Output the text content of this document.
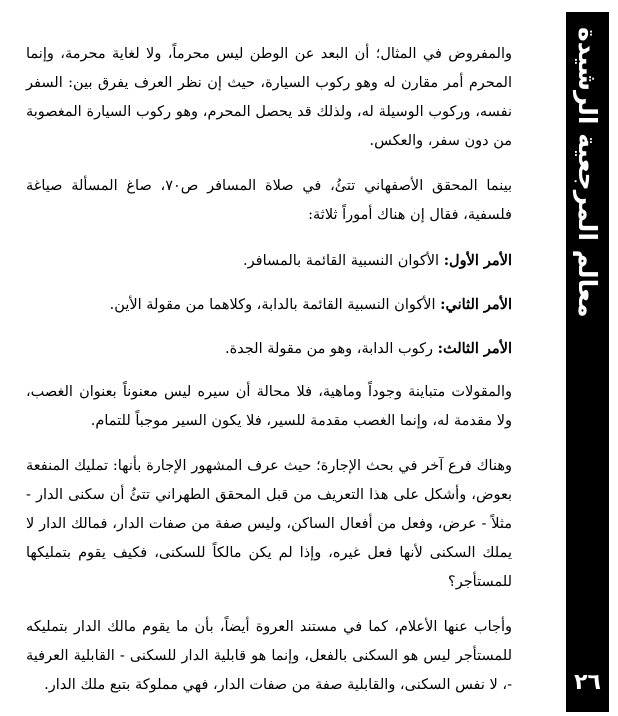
معالم المرجعية الرشيدة
٢٦

والمفروض في المثال؛ أن البعد عن الوطن ليس محرماً، ولا لغاية محرمة، وإنما المحرم أمر مقارن له وهو ركوب السيارة، حيث إن نظر العرف يفرق بين: السفر نفسه، وركوب الوسيلة له، ولذلك قد يحصل المحرم، وهو ركوب السيارة المغصوبة من دون سفر، والعكس.

بينما المحقق الأصفهاني تتئُ، في صلاة المسافر ص٧٠، صاغ المسألة صياغة فلسفية، فقال إن هناك أموراً ثلاثة:

الأمر الأول: الأكوان النسبية القائمة بالمسافر.

الأمر الثاني: الأكوان النسبية القائمة بالدابة، وكلاهما من مقولة الأين.

الأمر الثالث: ركوب الدابة، وهو من مقولة الجدة.

والمقولات متباينة وجوداً وماهية، فلا محالة أن سيره ليس معنوناً بعنوان الغصب، ولا مقدمة له، وإنما الغصب مقدمة للسير، فلا يكون السير موجباً للتمام.

وهناك فرع آخر في بحث الإجارة؛ حيث عرف المشهور الإجارة بأنها: تمليك المنفعة بعوض، وأشكل على هذا التعريف من قبل المحقق الطهراني تتئُ أن سكنى الدار - مثلاً - عرض، وفعل من أفعال الساكن، وليس صفة من صفات الدار، فمالك الدار لا يملك السكنى لأنها فعل غيره، وإذا لم يكن مالكاً للسكنى، فكيف يقوم بتمليكها للمستأجر؟

وأجاب عنها الأعلام، كما في مستند العروة أيضاً، بأن ما يقوم مالك الدار بتمليكه للمستأجر ليس هو السكنى بالفعل، وإنما هو قابلية الدار للسكنى - القابلية العرفية -، لا نفس السكنى، والقابلية صفة من صفات الدار، فهي مملوكة بتبع ملك الدار.
